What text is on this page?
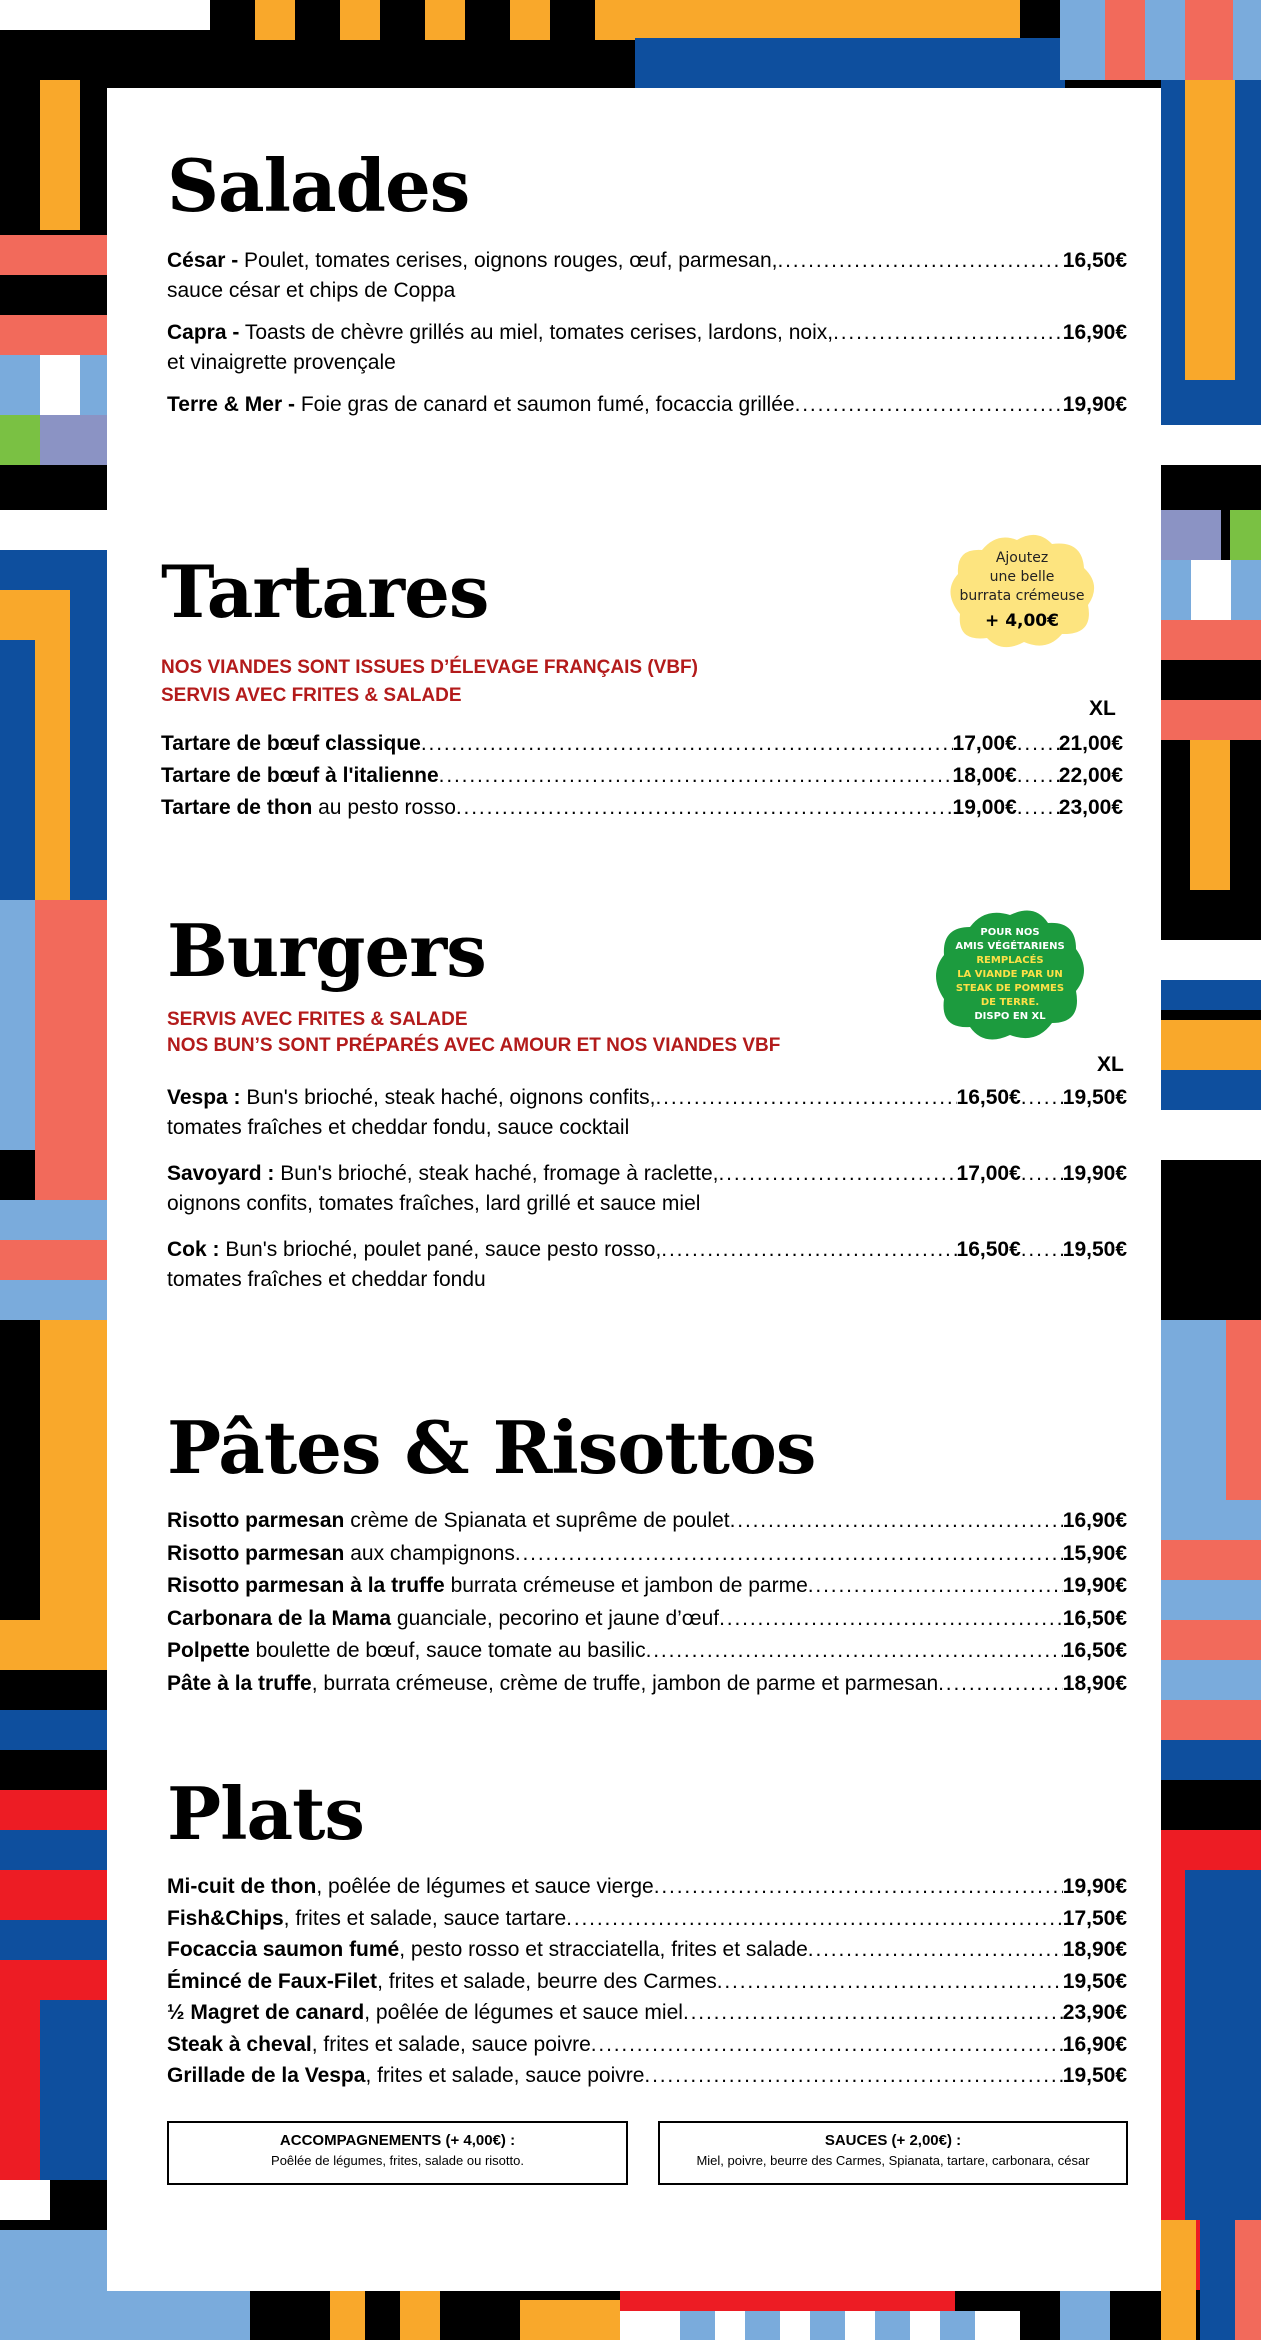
Salades
César - Poulet, tomates cerises, oignons rouges, œuf, parmesan, . . .	16,50€
sauce césar et chips de Coppa
Capra - Toasts de chèvre grillés au miel, tomates cerises, lardons, noix, . . .	16,90€
et vinaigrette provençale
Terre & Mer - Foie gras de canard et saumon fumé, focaccia grillée . . .	19,90€
Tartares	Ajoutez
une belle
burrata crémeuse
+ 4,00€

NOS VIANDES SONT ISSUES D’ÉLEVAGE FRANÇAIS (VBF)

SERVIS AVEC FRITES & SALADE

XL
Tartare de bœuf classique . . .	17,00€ . . . 21,00€
Tartare de bœuf à l'italienne . . .	18,00€ . . . 22,00€
Tartare de thon au pesto rosso . . .	19,00€ . . . 23,00€
Burgers	POUR NOS
AMIS VÉGÉTARIENS
REMPLACÉS
LA VIANDE PAR UN
STEAK DE POMMES
DE TERRE.
DISPO EN XL

SERVIS AVEC FRITES & SALADE

NOS BUN’S SONT PRÉPARÉS AVEC AMOUR ET NOS VIANDES VBF

XL
Vespa : Bun's brioché, steak haché, oignons confits, . . .	16,50€ . . . 19,50€
tomates fraîches et cheddar fondu, sauce cocktail
Savoyard : Bun's brioché, steak haché, fromage à raclette, . . .	17,00€ . . . 19,90€
oignons confits, tomates fraîches, lard grillé et sauce miel
Cok : Bun's brioché, poulet pané, sauce pesto rosso, . . .	16,50€ . . . 19,50€
tomates fraîches et cheddar fondu
Pâtes & Risottos
Risotto parmesan crème de Spianata et suprême de poulet . . .	16,90€
Risotto parmesan aux champignons . . .	15,90€
Risotto parmesan à la truffe burrata crémeuse et jambon de parme . . .	19,90€
Carbonara de la Mama guanciale, pecorino et jaune d’œuf . . .	16,50€
Polpette boulette de bœuf, sauce tomate au basilic . . .	16,50€
Pâte à la truffe, burrata crémeuse, crème de truffe, jambon de parme et parmesan . . .	18,90€
Plats
Mi-cuit de thon, poêlée de légumes et sauce vierge . . .	19,90€
Fish&Chips, frites et salade, sauce tartare . . .	17,50€
Focaccia saumon fumé, pesto rosso et stracciatella, frites et salade . . .	18,90€
Émincé de Faux-Filet, frites et salade, beurre des Carmes . . .	19,50€
½ Magret de canard, poêlée de légumes et sauce miel . . .	23,90€
Steak à cheval, frites et salade, sauce poivre . . .	16,90€
Grillade de la Vespa, frites et salade, sauce poivre . . .	19,50€
ACCOMPAGNEMENTS (+ 4,00€) :
Poêlée de légumes, frites, salade ou risotto.
SAUCES (+ 2,00€) :
Miel, poivre, beurre des Carmes, Spianata, tartare, carbonara, césar
